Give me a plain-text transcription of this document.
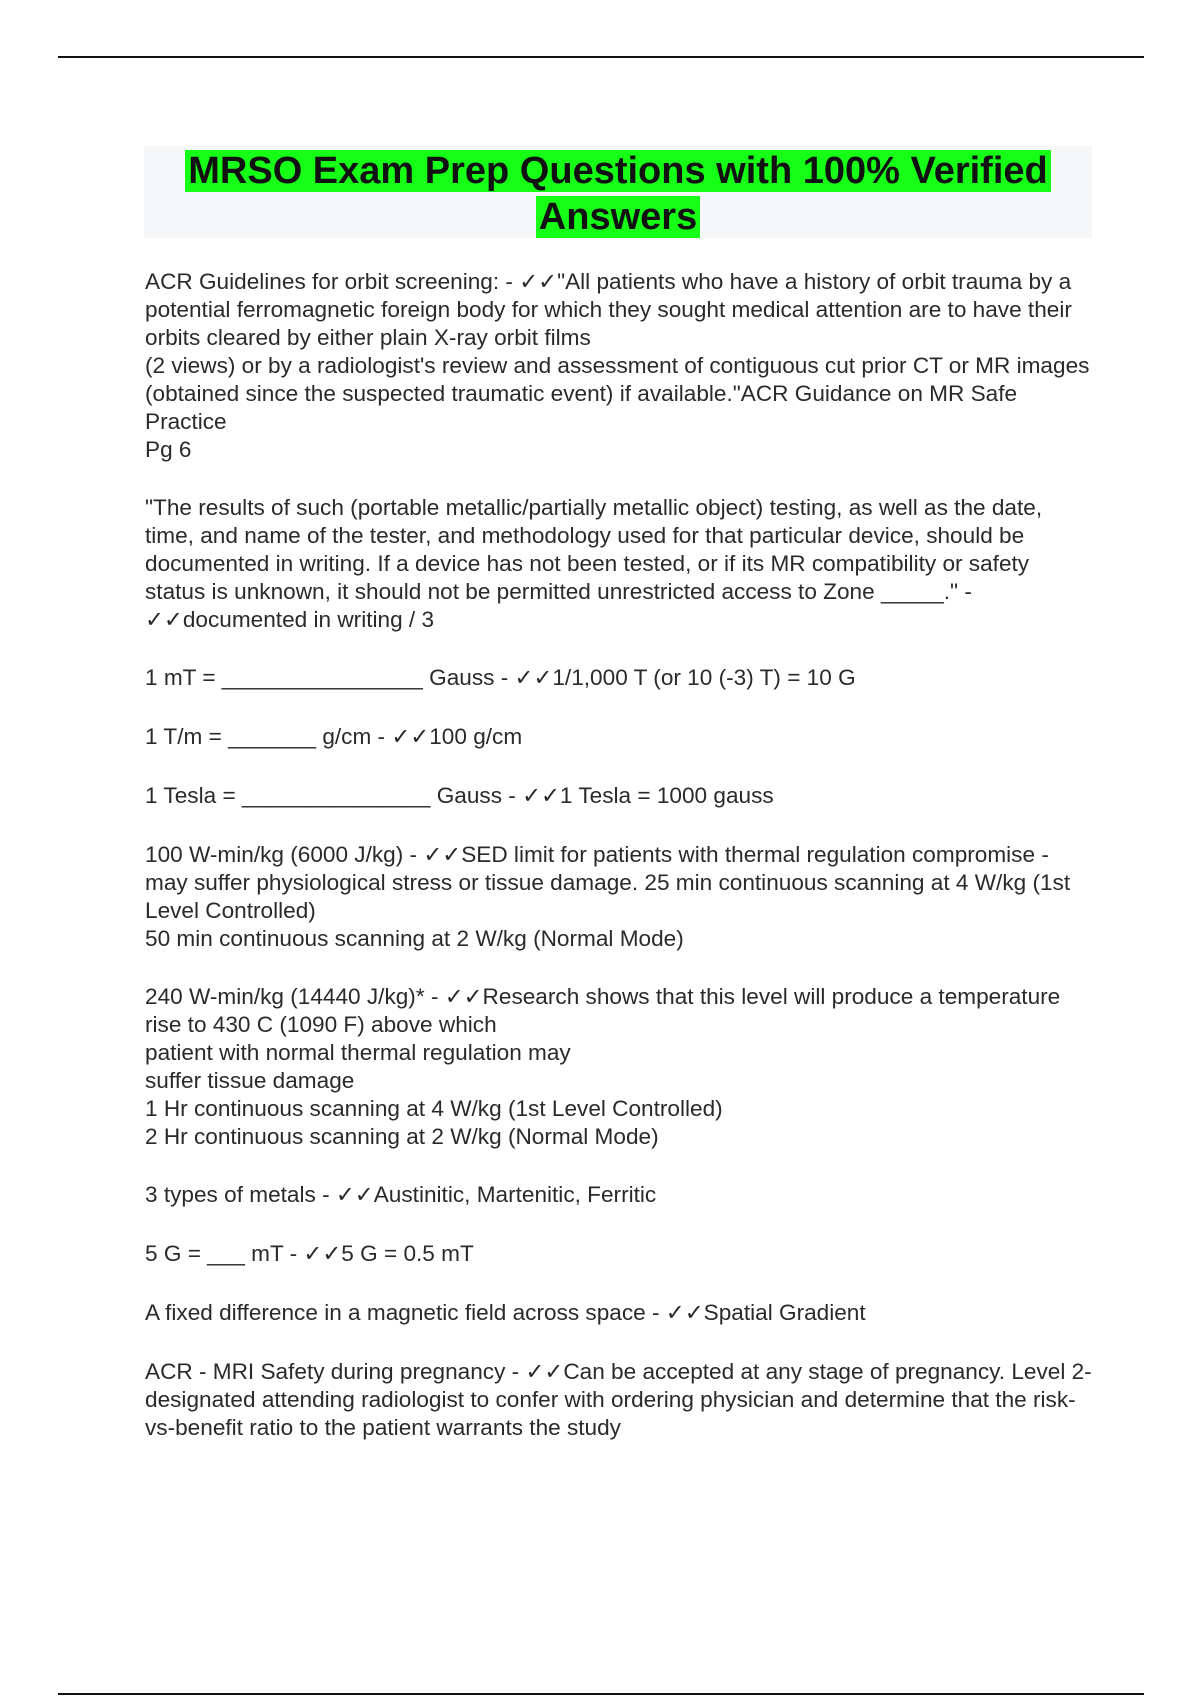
MRSO Exam Prep Questions with 100% Verified Answers

ACR Guidelines for orbit screening: - ✓✓"All patients who have a history of orbit trauma by a potential ferromagnetic foreign body for which they sought medical attention are to have their orbits cleared by either plain X-ray orbit films
(2 views) or by a radiologist's review and assessment of contiguous cut prior CT or MR images (obtained since the suspected traumatic event) if available."ACR Guidance on MR Safe Practice
Pg 6

"The results of such (portable metallic/partially metallic object) testing, as well as the date, time, and name of the tester, and methodology used for that particular device, should be documented in writing. If a device has not been tested, or if its MR compatibility or safety status is unknown, it should not be permitted unrestricted access to Zone _____." - ✓✓documented in writing / 3

1 mT = ________________ Gauss - ✓✓1/1,000 T (or 10 (-3) T) = 10 G

1 T/m = _______ g/cm - ✓✓100 g/cm

1 Tesla = _______________ Gauss - ✓✓1 Tesla = 1000 gauss

100 W-min/kg (6000 J/kg) - ✓✓SED limit for patients with thermal regulation compromise - may suffer physiological stress or tissue damage. 25 min continuous scanning at 4 W/kg (1st Level Controlled)
50 min continuous scanning at 2 W/kg (Normal Mode)

240 W-min/kg (14440 J/kg)* - ✓✓Research shows that this level will produce a temperature rise to 430 C (1090 F) above which
patient with normal thermal regulation may
suffer tissue damage
1 Hr continuous scanning at 4 W/kg (1st Level Controlled)
2 Hr continuous scanning at 2 W/kg (Normal Mode)

3 types of metals - ✓✓Austinitic, Martenitic, Ferritic

5 G = ___ mT - ✓✓5 G = 0.5 mT

A fixed difference in a magnetic field across space - ✓✓Spatial Gradient

ACR - MRI Safety during pregnancy - ✓✓Can be accepted at any stage of pregnancy. Level 2-designated attending radiologist to confer with ordering physician and determine that the risk-vs-benefit ratio to the patient warrants the study
